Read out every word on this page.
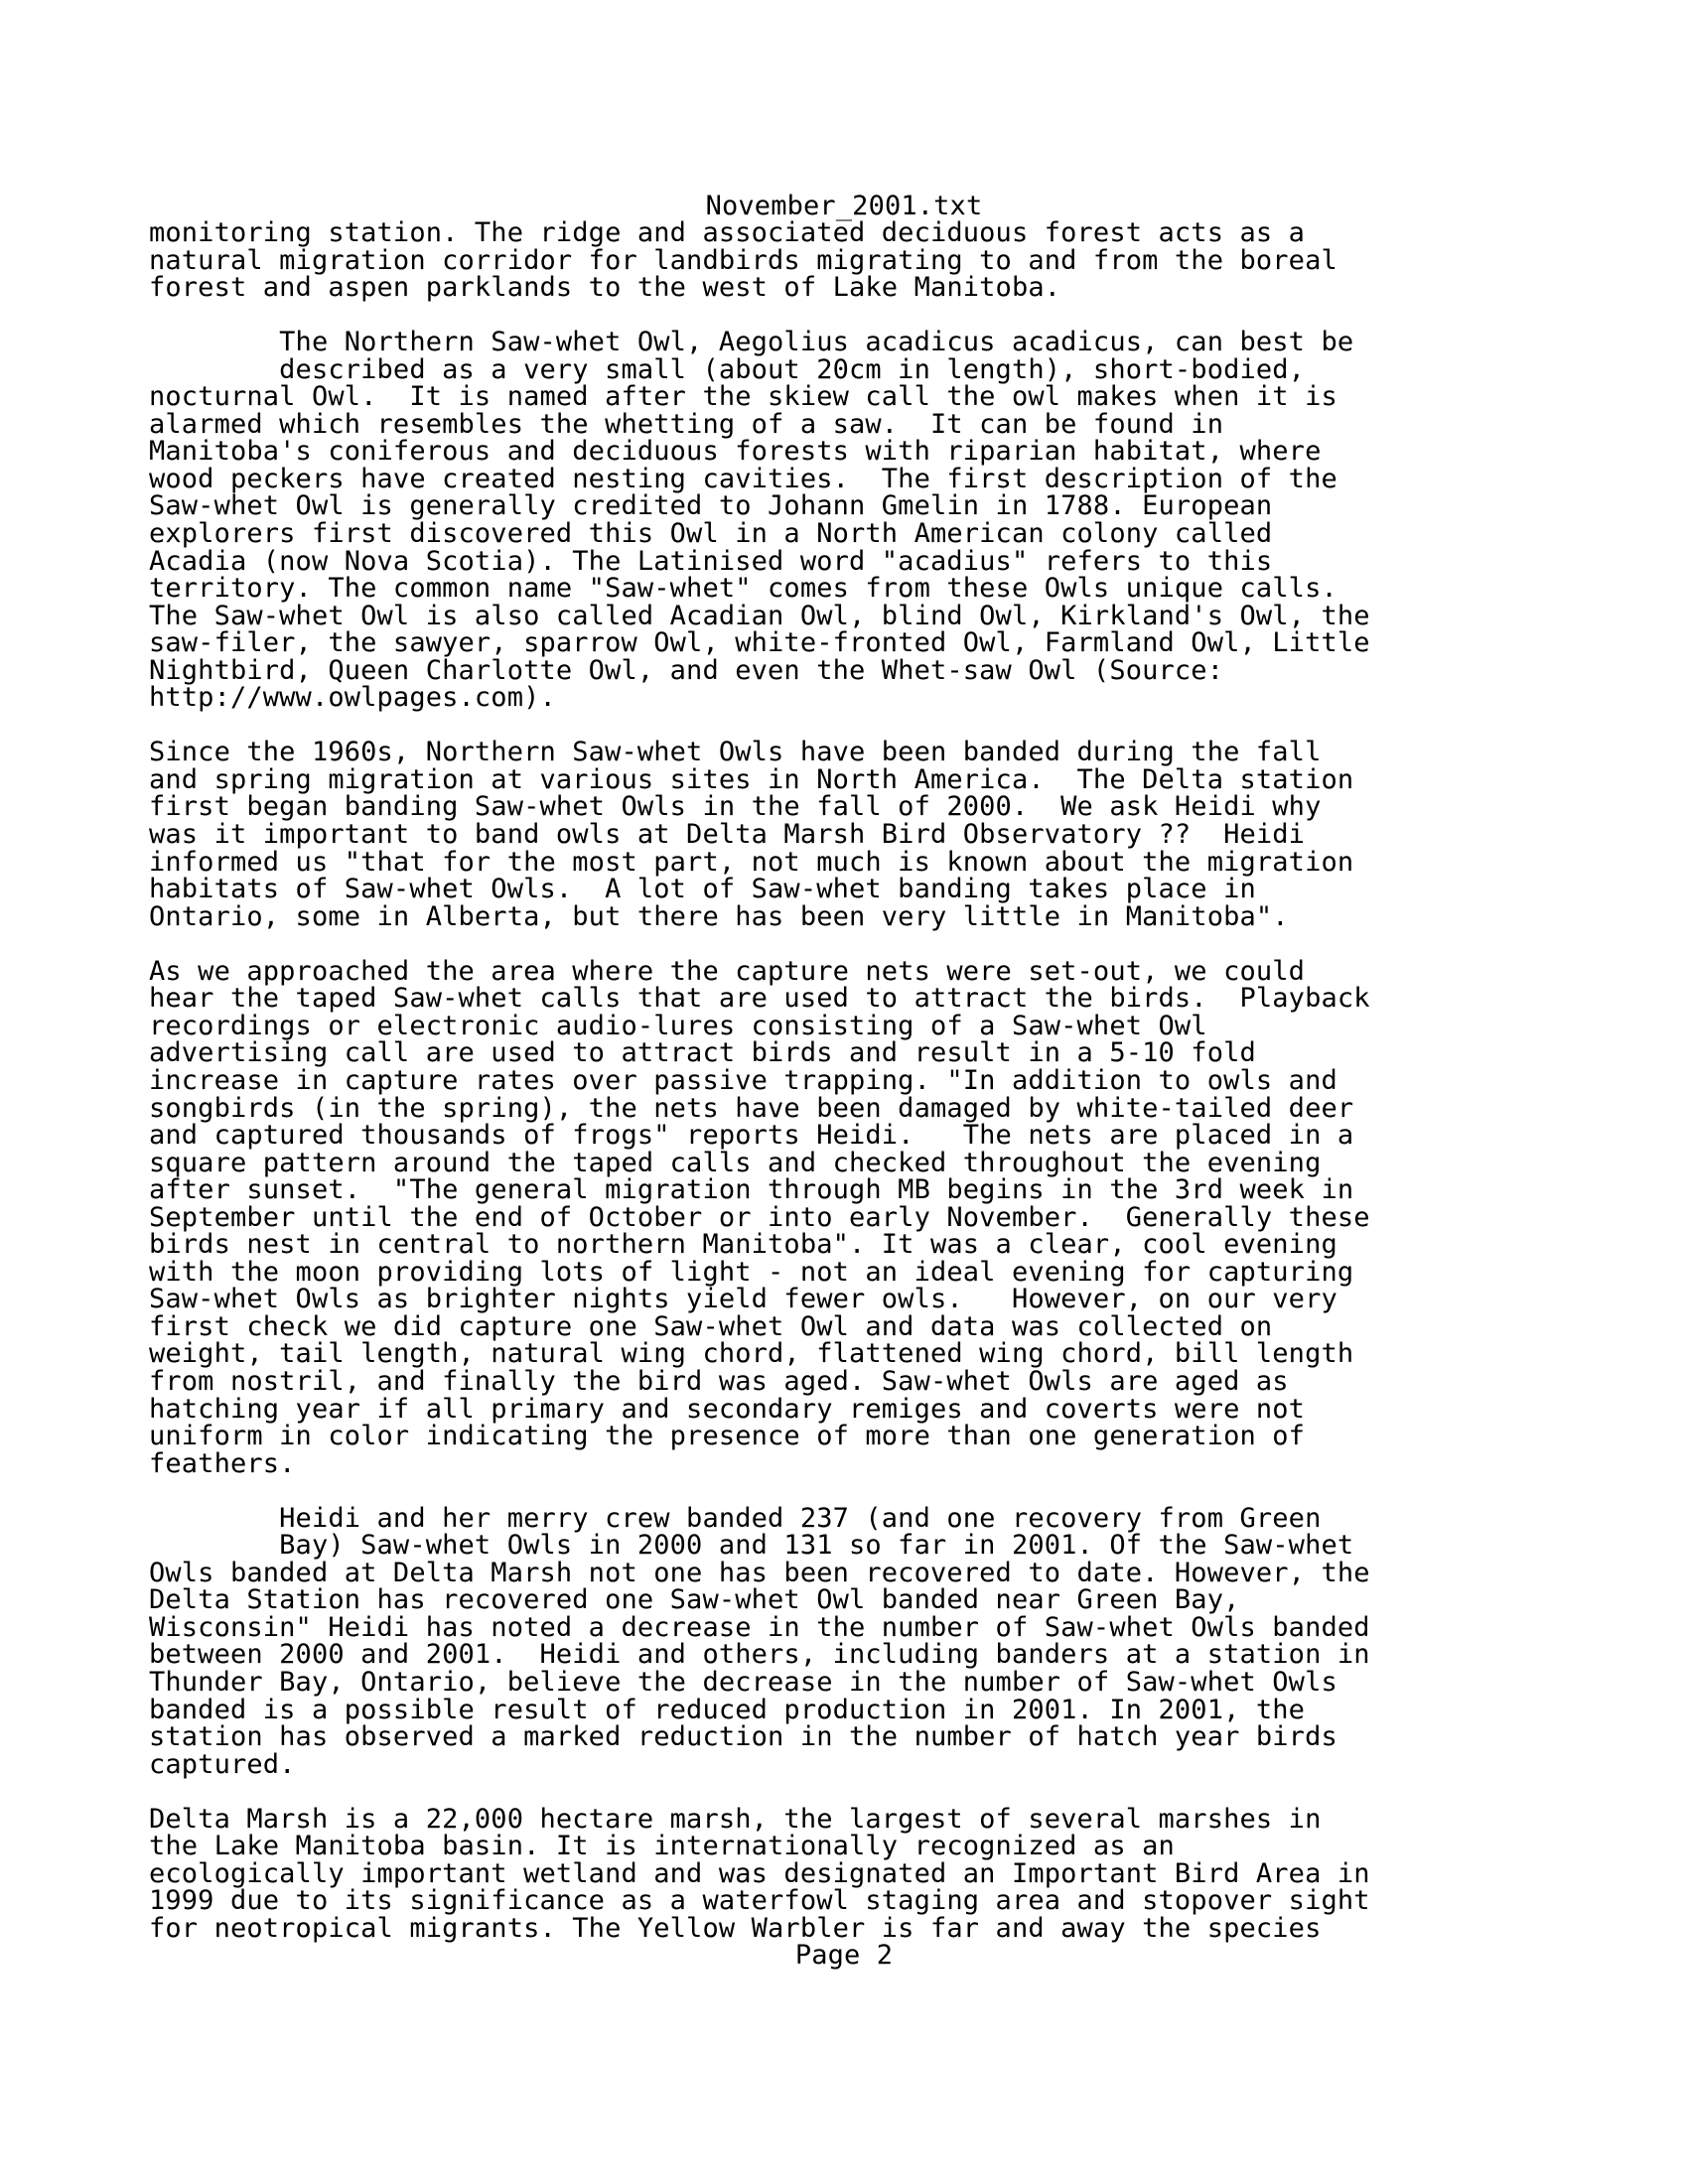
November_2001.txt
monitoring station. The ridge and associated deciduous forest acts as a
natural migration corridor for landbirds migrating to and from the boreal
forest and aspen parklands to the west of Lake Manitoba.
The Northern Saw-whet Owl, Aegolius acadicus acadicus, can best be
described as a very small (about 20cm in length), short-bodied,
nocturnal Owl.  It is named after the skiew call the owl makes when it is
alarmed which resembles the whetting of a saw.  It can be found in
Manitoba's coniferous and deciduous forests with riparian habitat, where
wood peckers have created nesting cavities.  The first description of the
Saw-whet Owl is generally credited to Johann Gmelin in 1788. European
explorers first discovered this Owl in a North American colony called
Acadia (now Nova Scotia). The Latinised word "acadius" refers to this
territory. The common name "Saw-whet" comes from these Owls unique calls.
The Saw-whet Owl is also called Acadian Owl, blind Owl, Kirkland's Owl, the
saw-filer, the sawyer, sparrow Owl, white-fronted Owl, Farmland Owl, Little
Nightbird, Queen Charlotte Owl, and even the Whet-saw Owl (Source:
http://www.owlpages.com).
Since the 1960s, Northern Saw-whet Owls have been banded during the fall
and spring migration at various sites in North America.  The Delta station
first began banding Saw-whet Owls in the fall of 2000.  We ask Heidi why
was it important to band owls at Delta Marsh Bird Observatory ??  Heidi
informed us "that for the most part, not much is known about the migration
habitats of Saw-whet Owls.  A lot of Saw-whet banding takes place in
Ontario, some in Alberta, but there has been very little in Manitoba".
As we approached the area where the capture nets were set-out, we could
hear the taped Saw-whet calls that are used to attract the birds.  Playback
recordings or electronic audio-lures consisting of a Saw-whet Owl
advertising call are used to attract birds and result in a 5-10 fold
increase in capture rates over passive trapping. "In addition to owls and
songbirds (in the spring), the nets have been damaged by white-tailed deer
and captured thousands of frogs" reports Heidi.   The nets are placed in a
square pattern around the taped calls and checked throughout the evening
after sunset.  "The general migration through MB begins in the 3rd week in
September until the end of October or into early November.  Generally these
birds nest in central to northern Manitoba". It was a clear, cool evening
with the moon providing lots of light - not an ideal evening for capturing
Saw-whet Owls as brighter nights yield fewer owls.   However, on our very
first check we did capture one Saw-whet Owl and data was collected on
weight, tail length, natural wing chord, flattened wing chord, bill length
from nostril, and finally the bird was aged. Saw-whet Owls are aged as
hatching year if all primary and secondary remiges and coverts were not
uniform in color indicating the presence of more than one generation of
feathers.
Heidi and her merry crew banded 237 (and one recovery from Green
Bay) Saw-whet Owls in 2000 and 131 so far in 2001. Of the Saw-whet
Owls banded at Delta Marsh not one has been recovered to date. However, the
Delta Station has recovered one Saw-whet Owl banded near Green Bay,
Wisconsin" Heidi has noted a decrease in the number of Saw-whet Owls banded
between 2000 and 2001.  Heidi and others, including banders at a station in
Thunder Bay, Ontario, believe the decrease in the number of Saw-whet Owls
banded is a possible result of reduced production in 2001. In 2001, the
station has observed a marked reduction in the number of hatch year birds
captured.
Delta Marsh is a 22,000 hectare marsh, the largest of several marshes in
the Lake Manitoba basin. It is internationally recognized as an
ecologically important wetland and was designated an Important Bird Area in
1999 due to its significance as a waterfowl staging area and stopover sight
for neotropical migrants. The Yellow Warbler is far and away the species
Page 2
